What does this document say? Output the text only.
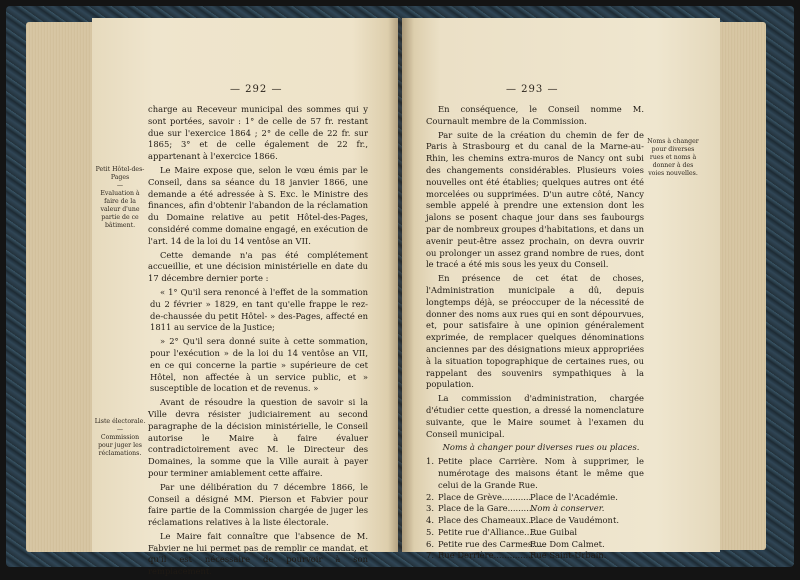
— 292 —
Petit Hôtel-des-Pages
—
Evaluation à faire de la valeur d'une partie de ce bâtiment.
Liste électorale.
—
Commission pour juger les réclamations.

charge au Receveur municipal des sommes qui y sont portées, savoir : 1° de celle de 57 fr. restant due sur l'exercice 1864 ; 2° de celle de 22 fr. sur 1865; 3° et de celle également de 22 fr., appartenant à l'exercice 1866.

Le Maire expose que, selon le vœu émis par le Conseil, dans sa séance du 18 janvier 1866, une demande a été adressée à S. Exc. le Ministre des finances, afin d'obtenir l'abandon de la réclamation du Domaine relative au petit Hôtel-des-Pages, considéré comme domaine engagé, en exécution de l'art. 14 de la loi du 14 ventôse an VII.

Cette demande n'a pas été complétement accueillie, et une décision ministérielle en date du 17 décembre dernier porte :

« 1° Qu'il sera renoncé à l'effet de la sommation du 2 février » 1829, en tant qu'elle frappe le rez-de-chaussée du petit Hôtel- » des-Pages, affecté en 1811 au service de la Justice;

» 2° Qu'il sera donné suite à cette sommation, pour l'exécution » de la loi du 14 ventôse an VII, en ce qui concerne la partie » supérieure de cet Hôtel, non affectée à un service public, et » susceptible de location et de revenus. »

Avant de résoudre la question de savoir si la Ville devra résister judiciairement au second paragraphe de la décision ministérielle, le Conseil autorise le Maire à faire évaluer contradictoirement avec M. le Directeur des Domaines, la somme que la Ville aurait à payer pour terminer amiablement cette affaire.

Par une délibération du 7 décembre 1866, le Conseil a désigné MM. Pierson et Fabvier pour faire partie de la Commission chargée de juger les réclamations relatives à la liste électorale.

Le Maire fait connaître que l'absence de M. Fabvier ne lui permet pas de remplir ce mandat, et qu'il est nécessaire de pourvoir à son remplacement.

— 293 —
Noms à changer pour diverses rues et noms à donner à des voies nouvelles.

En conséquence, le Conseil nomme M. Cournault membre de la Commission.

Par suite de la création du chemin de fer de Paris à Strasbourg et du canal de la Marne-au-Rhin, les chemins extra-muros de Nancy ont subi des changements considérables. Plusieurs voies nouvelles ont été établies; quelques autres ont été morcelées ou supprimées. D'un autre côté, Nancy semble appelé à prendre une extension dont les jalons se posent chaque jour dans ses faubourgs par de nombreux groupes d'habitations, et dans un avenir peut-être assez prochain, on devra ouvrir ou prolonger un assez grand nombre de rues, dont le tracé a été mis sous les yeux du Conseil.

En présence de cet état de choses, l'Administration municipale a dû, depuis longtemps déjà, se préoccuper de la nécessité de donner des noms aux rues qui en sont dépourvues, et, pour satisfaire à une opinion généralement exprimée, de remplacer quelques dénominations anciennes par des désignations mieux appropriées à la situation topographique de certaines rues, ou rappelant des souvenirs sympathiques à la population.

La commission d'administration, chargée d'étudier cette question, a dressé la nomenclature suivante, que le Maire soumet à l'examen du Conseil municipal.

Noms à changer pour diverses rues ou places.

1. Petite place Carrière. Nom à supprimer, le numérotage des maisons étant le même que celui de la Grande Rue.
2. Place de Grève...........
Place de l'Académie.
3. Place de la Gare..........
Nom à conserver.
4. Place des Chameaux.......
Place de Vaudémont.
5. Petite rue d'Alliance......
Rue Guibal
6. Petite rue des Carmes.....
Rue Dom Calmet.
7. Rue Derrière...............
Rue Saint-Urbain.
